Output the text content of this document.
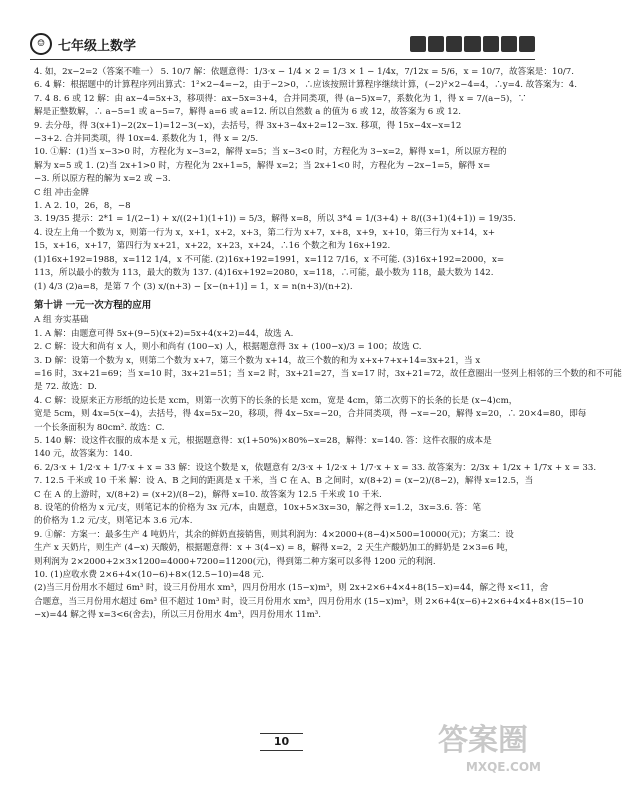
☺ 七年级上数学
4. 如，2x−2=2（答案不唯一） 5. 10/7 解：依题意得：1/3·x − 1/4 × 2 = 1/3 × 1 − 1/4x，7/12x = 5/6，x = 10/7，故答案是：10/7.
6. 4 解：根据题中的计算程序列出算式：1²×2−4=−2，由于−2>0，∴应该按照计算程序继续计算，(−2)²×2−4=4，∴y=4. 故答案为：4.
7. 4 8. 6 或 12 解：由 ax−4=5x+3，移项得：ax−5x=3+4，合并同类项，得 (a−5)x=7，系数化为 1，得 x = 7/(a−5)，∵
解是正整数解，∴ a−5=1 或 a−5=7，解得 a=6 或 a=12. 所以自然数 a 的值为 6 或 12，故答案为 6 或 12.
9. 去分母，得 3(x+1)−2(2x−1)=12−3(−x)，去括号，得 3x+3−4x+2=12−3x. 移项，得 15x−4x−x=12
−3+2. 合并同类项，得 10x=4. 系数化为 1，得 x = 2/5.
10. ①解：(1)当 x−3>0 时，方程化为 x−3=2，解得 x=5；当 x−3<0 时，方程化为 3−x=2，解得 x=1，所以原方程的
解为 x=5 或 1. (2)当 2x+1>0 时，方程化为 2x+1=5，解得 x=2；当 2x+1<0 时，方程化为 −2x−1=5，解得 x=
−3. 所以原方程的解为 x=2 或 −3.
C 组 冲击金牌
1. A 2. 10，26，8，−8
3. 19/35 提示：2*1 = 1/(2−1) + x/((2+1)(1+1)) = 5/3，解得 x=8，所以 3*4 = 1/(3+4) + 8/((3+1)(4+1)) = 19/35.
4. 设左上角一个数为 x，则第一行为 x，x+1，x+2，x+3，第二行为 x+7，x+8，x+9，x+10，第三行为 x+14，x+
15，x+16，x+17，第四行为 x+21，x+22，x+23，x+24，∴16 个数之和为 16x+192.
(1)16x+192=1988，x=112 1/4，x 不可能. (2)16x+192=1991，x=112 7/16，x 不可能. (3)16x+192=2000，x=
113，所以最小的数为 113，最大的数为 137. (4)16x+192=2080，x=118，∴可能，最小数为 118，最大数为 142.
(1) 4/3 (2)a=8，是第 7 个 (3) x/(n+3) − [x−(n+1)] = 1，x = n(n+3)/(n+2).
第十讲 一元一次方程的应用
A 组 夯实基础
1. A 解：由题意可得 5x+(9−5)(x+2)=5x+4(x+2)=44，故选 A.
2. C 解：设大和尚有 x 人，则小和尚有 (100−x) 人，根据题意得 3x + (100−x)/3 = 100；故选 C.
3. D 解：设第一个数为 x，则第二个数为 x+7，第三个数为 x+14，故三个数的和为 x+x+7+x+14=3x+21，当 x
=16 时，3x+21=69；当 x=10 时，3x+21=51；当 x=2 时，3x+21=27，当 x=17 时，3x+21=72，故任意圈出一竖列上相邻的三个数的和不可能
是 72. 故选：D.
4. C 解：设原来正方形纸的边长是 xcm，则第一次剪下的长条的长是 xcm，宽是 4cm，第二次剪下的长条的长是 (x−4)cm，
宽是 5cm，则 4x=5(x−4)，去括号，得 4x=5x−20，移项，得 4x−5x=−20，合并同类项，得 −x=−20，解得 x=20，∴ 20×4=80，即每
一个长条面积为 80cm². 故选：C.
5. 140 解：设这件衣服的成本是 x 元，根据题意得：x(1+50%)×80%−x=28，解得：x=140. 答：这件衣服的成本是
140 元，故答案为：140.
6. 2/3·x + 1/2·x + 1/7·x + x = 33 解：设这个数是 x，依题意有 2/3·x + 1/2·x + 1/7·x + x = 33. 故答案为：2/3x + 1/2x + 1/7x + x = 33.
7. 12.5 千米或 10 千米 解：设 A、B 之间的距离是 x 千米，当 C 在 A、B 之间时，x/(8+2) = (x−2)/(8−2)，解得 x=12.5，当
C 在 A 的上游时，x/(8+2) = (x+2)/(8−2)，解得 x=10. 故答案为 12.5 千米或 10 千米.
8. 设笔的价格为 x 元/支，则笔记本的价格为 3x 元/本，由题意，10x+5×3x=30，解之得 x=1.2，3x=3.6. 答：笔
的价格为 1.2 元/支，则笔记本 3.6 元/本.
9. ①解：方案一：最多生产 4 吨奶片，其余的鲜奶直接销售，则其利润为：4×2000+(8−4)×500=10000(元)；方案二：设
生产 x 天奶片，则生产 (4−x) 天酸奶，根据题意得：x + 3(4−x) = 8，解得 x=2，2 天生产酸奶加工的鲜奶是 2×3=6 吨，
则利润为 2×2000+2×3×1200=4000+7200=11200(元)，得到第二种方案可以多得 1200 元的利润.
10. (1)应收水费 2×6+4×(10−6)+8×(12.5−10)=48 元.
(2)当三月份用水不超过 6m³ 时，设三月份用水 xm³，四月份用水 (15−x)m³，则 2x+2×6+4×4+8(15−x)=44，解之得 x<11，舍
合题意，当三月份用水超过 6m³ 但不超过 10m³ 时，设三月份用水 xm³，四月份用水 (15−x)m³，则 2×6+4(x−6)+2×6+4×4+8×(15−10
−x)=44 解之得 x=3<6(舍去)，所以三月份用水 4m³，四月份用水 11m³.
10	答案圈
MXQE.COM
